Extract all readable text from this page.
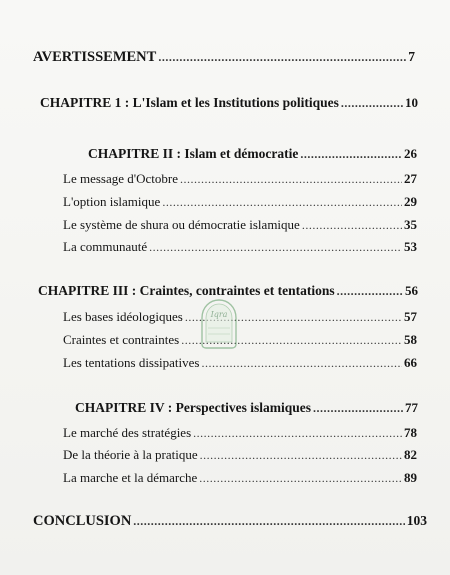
AVERTISSEMENT .....	7
CHAPITRE 1 : L'Islam et les Institutions politiques .....	10
CHAPITRE II : Islam et démocratie .....	26
Le message d'Octobre .....	27
L'option islamique .....	29
Le système de shura ou démocratie islamique .....	35
La communauté .....	53
CHAPITRE III : Craintes, contraintes et tentations .....	56
Les bases idéologiques .....	57
Craintes et contraintes .....	58
Les tentations dissipatives .....	66
CHAPITRE IV : Perspectives islamiques .....	77
Le marché des stratégies .....	78
De la théorie à la pratique .....	82
La marche et la démarche .....	89
CONCLUSION .....	103
Iqra
